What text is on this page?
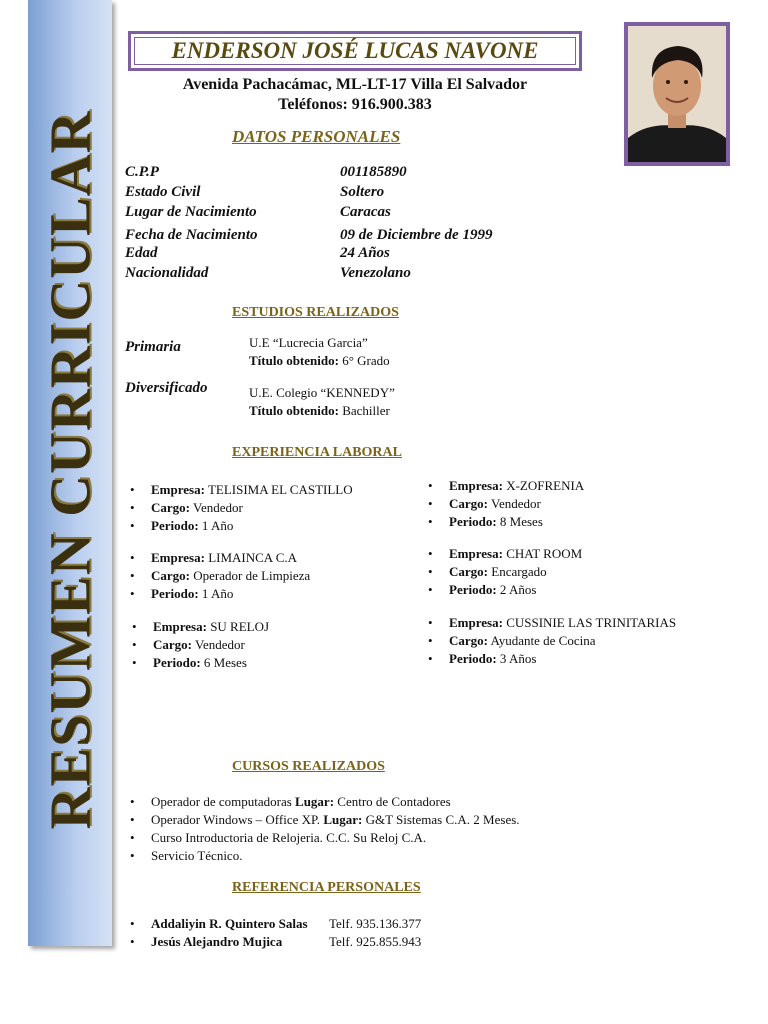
RESUMEN CURRICULAR
ENDERSON JOSÉ LUCAS NAVONE
Avenida Pachacámac, ML-LT-17 Villa El Salvador
Teléfonos: 916.900.383
DATOS PERSONALES
C.P.P	001185890
Estado Civil	Soltero
Lugar de Nacimiento	Caracas
Fecha de Nacimiento	09 de Diciembre de 1999
Edad	24 Años
Nacionalidad	Venezolano
ESTUDIOS REALIZADOS
Primaria	U.E “Lucrecia Garcia”
Título obtenido: 6° Grado
Diversificado	U.E. Colegio “KENNEDY”
Título obtenido: Bachiller
EXPERIENCIA LABORAL
• Empresa: TELISIMA EL CASTILLO
• Cargo: Vendedor
• Periodo: 1 Año
• Empresa: LIMAINCA C.A
• Cargo: Operador de Limpieza
• Periodo: 1 Año
• Empresa: SU RELOJ
• Cargo: Vendedor
• Periodo: 6 Meses
• Empresa: X-ZOFRENIA
• Cargo: Vendedor
• Periodo: 8 Meses
• Empresa: CHAT ROOM
• Cargo: Encargado
• Periodo: 2 Años
• Empresa: CUSSINIE LAS TRINITARIAS
• Cargo: Ayudante de Cocina
• Periodo: 3 Años
CURSOS REALIZADOS
• Operador de computadoras Lugar: Centro de Contadores
• Operador Windows – Office XP. Lugar: G&T Sistemas C.A. 2 Meses.
• Curso Introductoria de Relojeria. C.C. Su Reloj C.A.
• Servicio Técnico.
REFERENCIA PERSONALES
• Addaliyin R. Quintero Salas Telf. 935.136.377
• Jesús Alejandro Mujica	Telf. 925.855.943
